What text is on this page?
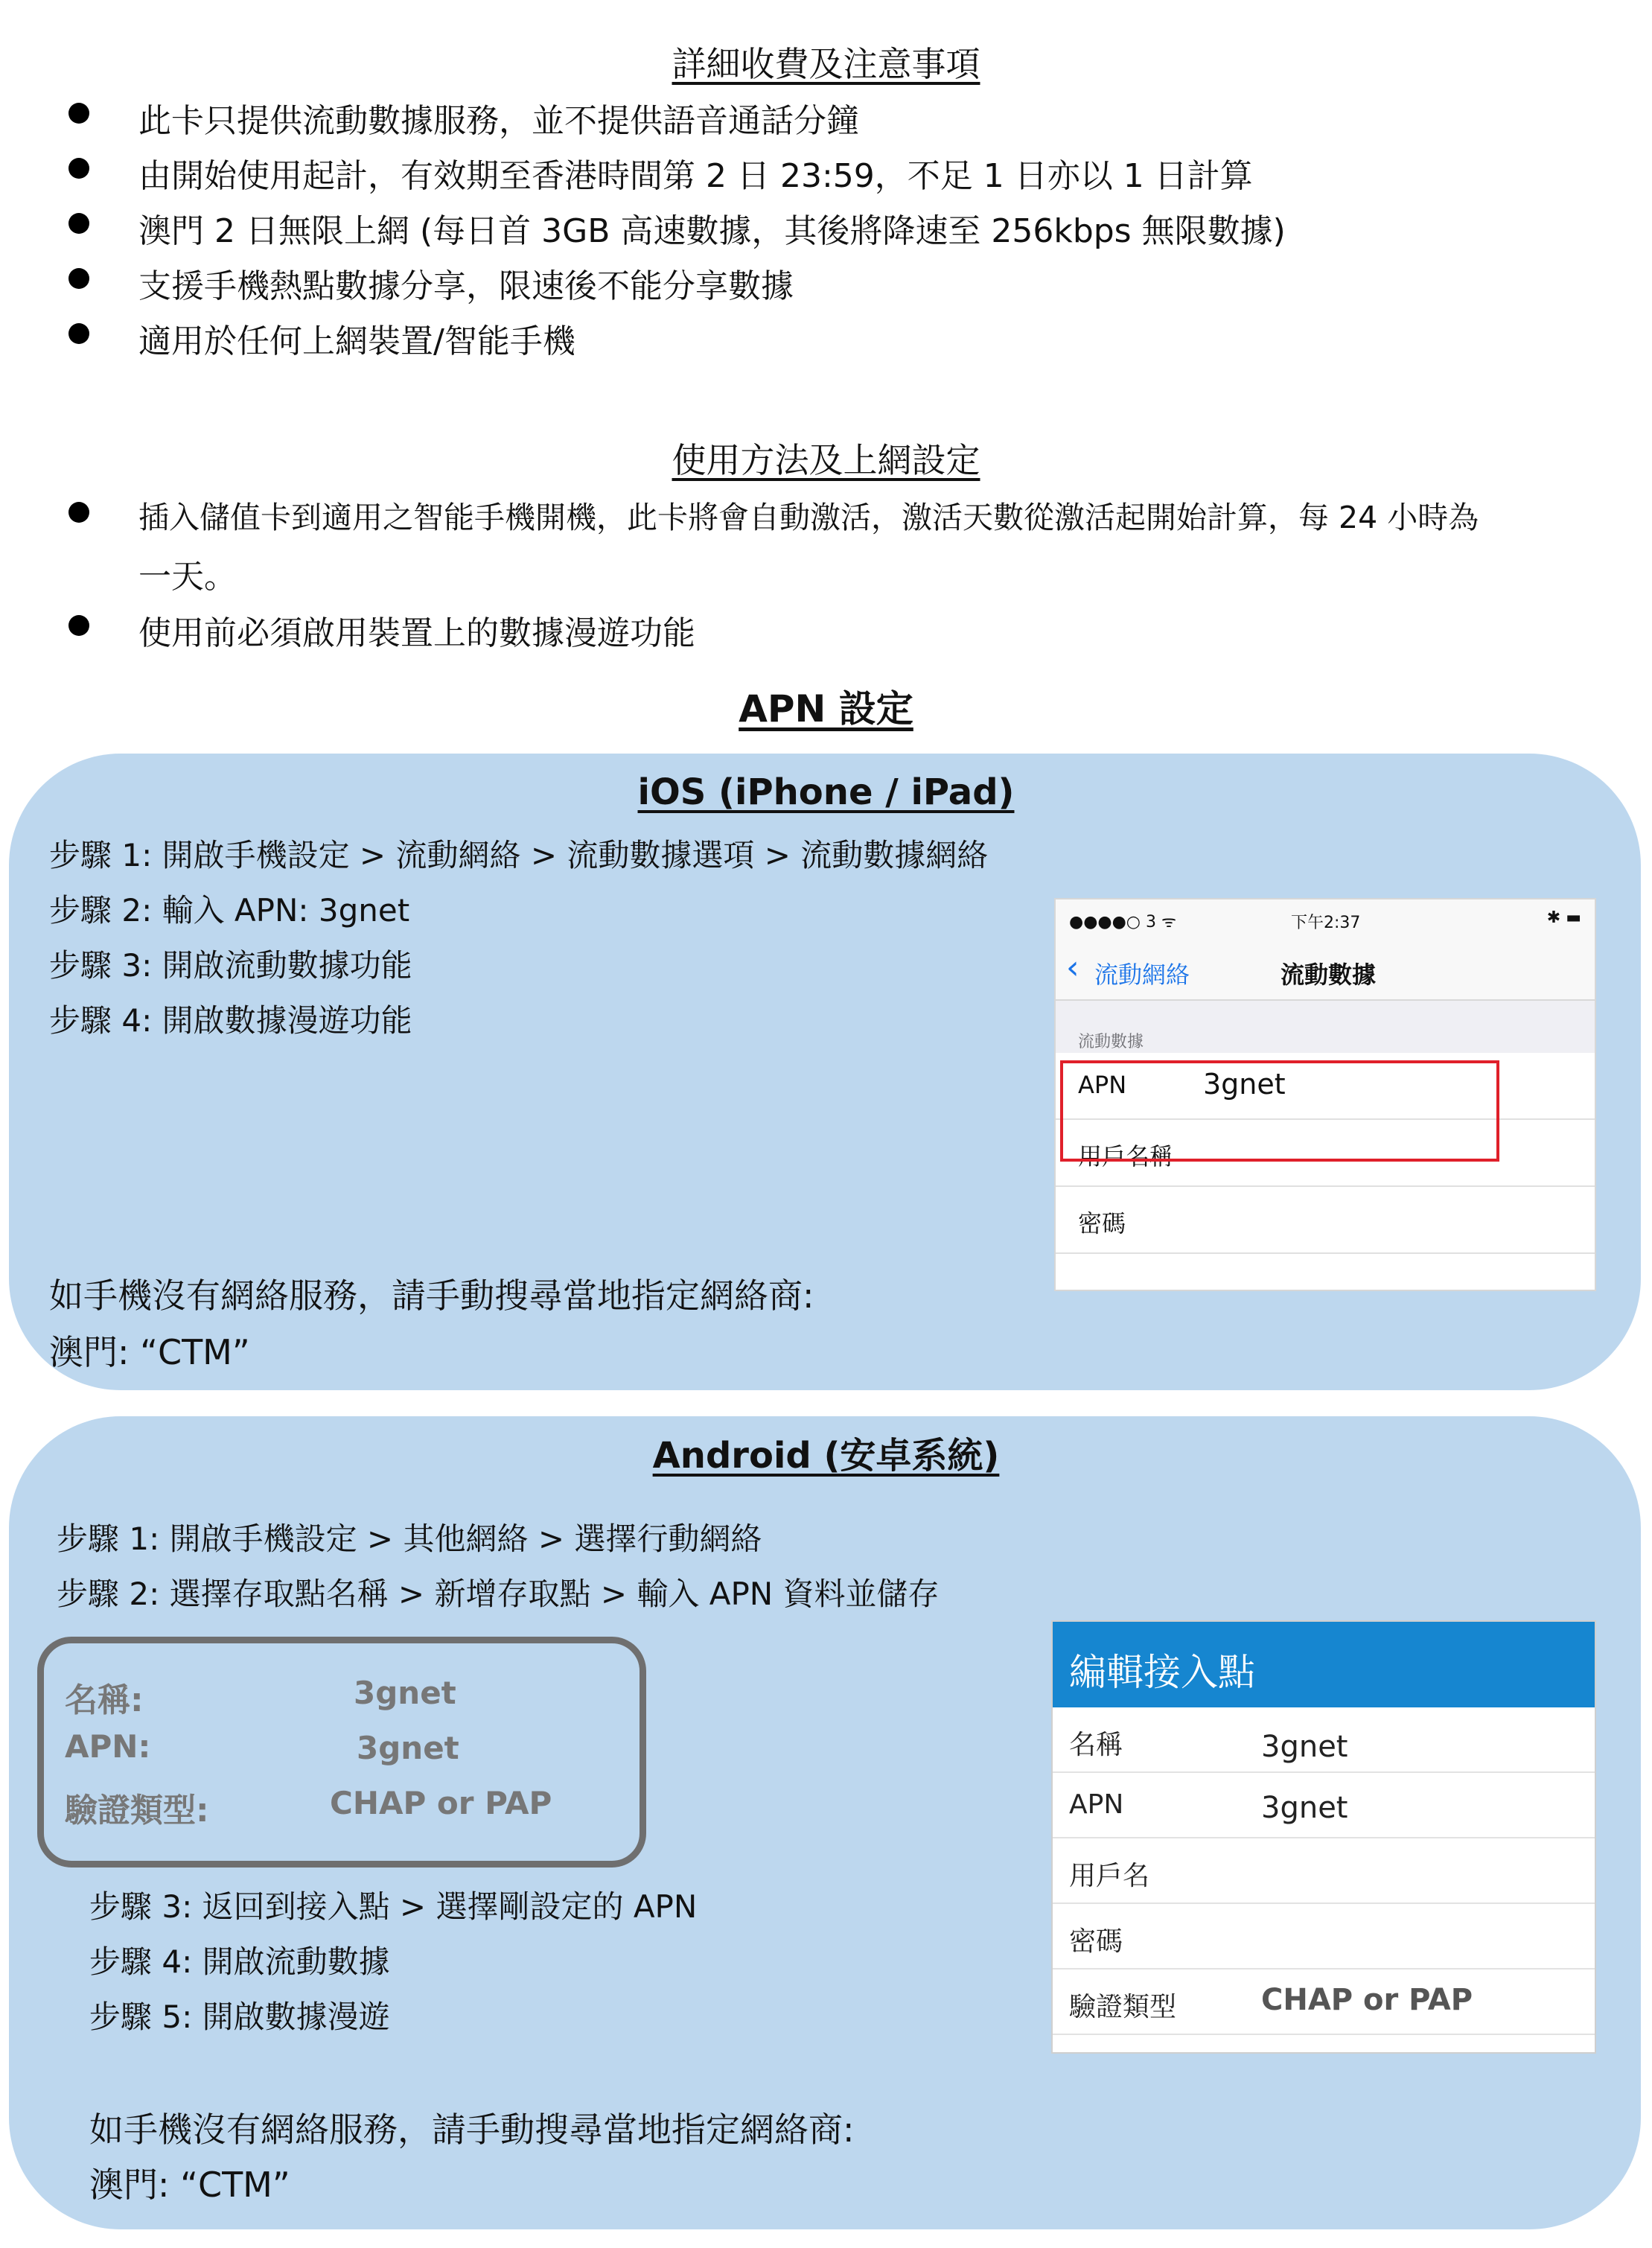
詳細收費及注意事項
此卡只提供流動數據服務，並不提供語音通話分鐘
由開始使用起計，有效期至香港時間第 2 日 23:59，不足 1 日亦以 1 日計算
澳門 2 日無限上網 (每日首 3GB 高速數據，其後將降速至 256kbps 無限數據)
支援手機熱點數據分享，限速後不能分享數據
適用於任何上網裝置/智能手機
使用方法及上網設定
插入儲值卡到適用之智能手機開機，此卡將會自動激活，激活天數從激活起開始計算，每 24 小時為
一天。
使用前必須啟用裝置上的數據漫遊功能
APN 設定
iOS (iPhone / iPad)
步驟 1: 開啟手機設定 > 流動網絡 > 流動數據選項 > 流動數據網絡
步驟 2: 輸入 APN: 3gnet
步驟 3: 開啟流動數據功能
步驟 4: 開啟數據漫遊功能
如手機沒有網絡服務，請手動搜尋當地指定網絡商:
澳門: “CTM”
●●●●○ 3 ᯤ	下午2:37	✱ ▬
‹ 流動網絡	流動數據
流動數據
APN	3gnet
用戶名稱
密碼
Android (安卓系統)
步驟 1: 開啟手機設定 > 其他網絡 > 選擇行動網絡
步驟 2: 選擇存取點名稱 > 新增存取點 > 輸入 APN 資料並儲存
名稱:	3gnet
APN:	3gnet
驗證類型:	CHAP or PAP
步驟 3: 返回到接入點 > 選擇剛設定的 APN
步驟 4: 開啟流動數據
步驟 5: 開啟數據漫遊
如手機沒有網絡服務，請手動搜尋當地指定網絡商:
澳門: “CTM”
編輯接入點
名稱	3gnet
APN	3gnet
用戶名
密碼
驗證類型	CHAP or PAP
